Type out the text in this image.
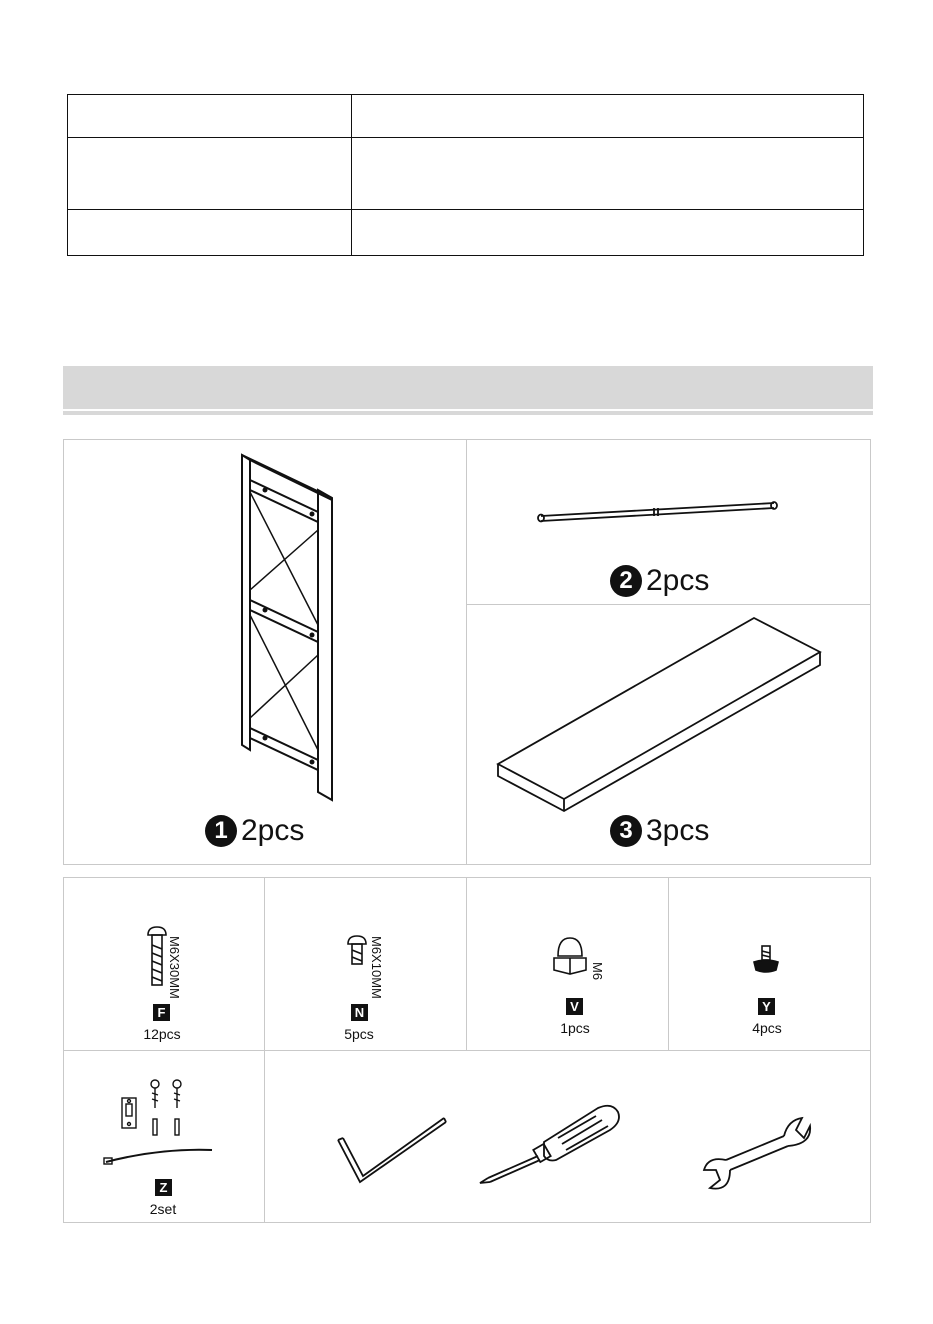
1 2pcs
2 2pcs
3 3pcs
M6X30MM
F
12pcs
M6X10MM
N
5pcs
M6
V
1pcs
Y
4pcs
Z
2set
